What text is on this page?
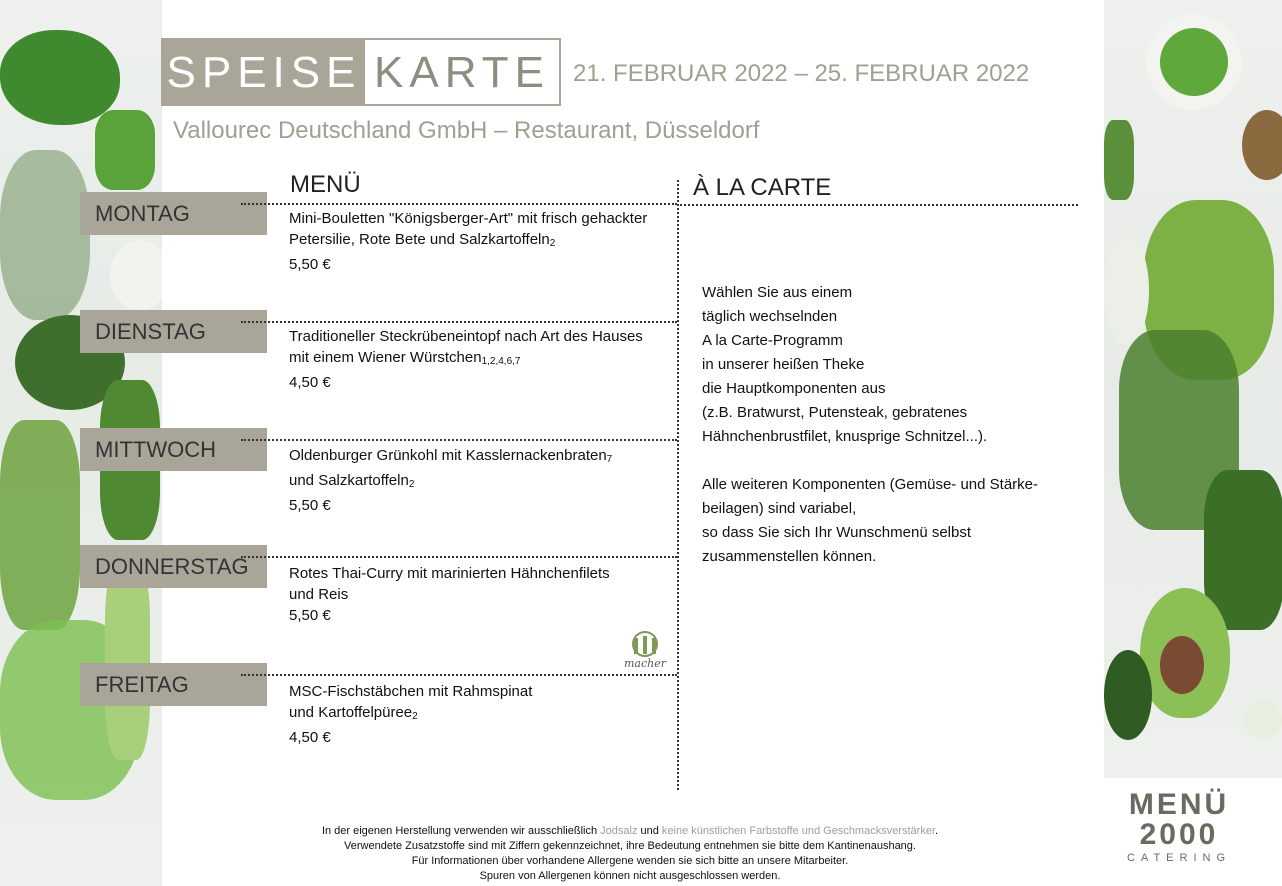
SPEISE KARTE 21. FEBRUAR 2022 – 25. FEBRUAR 2022
Vallourec Deutschland GmbH – Restaurant, Düsseldorf
MENÜ	À LA CARTE
MONTAG	Mini-Bouletten "Königsberger-Art" mit frisch gehackter
Petersilie, Rote Bete und Salzkartoffeln$_2$
5,50 €
DIENSTAG	Traditioneller Steckrübeneintopf nach Art des Hauses
mit einem Wiener Würstchen$_{1,2,4,6,7}$
4,50 €
MITTWOCH	Oldenburger Grünkohl mit Kasslernackenbraten$_7$
und Salzkartoffeln$_2$
5,50 €
DONNERSTAG	Rotes Thai-Curry mit marinierten Hähnchenfilets
und Reis
5,50 €
FREITAG	MSC-Fischstäbchen mit Rahmspinat
und Kartoffelpüree$_2$
4,50 €
macher

Wählen Sie aus einem

täglich wechselnden

A la Carte-Programm

in unserer heißen Theke

die Hauptkomponenten aus

(z.B. Bratwurst, Putensteak, gebratenes

Hähnchenbrustfilet, knusprige Schnitzel...).

Alle weiteren Komponenten (Gemüse- und Stärke-

beilagen) sind variabel,

so dass Sie sich Ihr Wunschmenü selbst

zusammenstellen können.

In der eigenen Herstellung verwenden wir ausschließlich Jodsalz und keine künstlichen Farbstoffe und Geschmacksverstärker.
Verwendete Zusatzstoffe sind mit Ziffern gekennzeichnet, ihre Bedeutung entnehmen sie bitte dem Kantinenaushang.
Für Informationen über vorhandene Allergene wenden sie sich bitte an unsere Mitarbeiter.
Spuren von Allergenen können nicht ausgeschlossen werden.
MENÜ
2000
CATERING
